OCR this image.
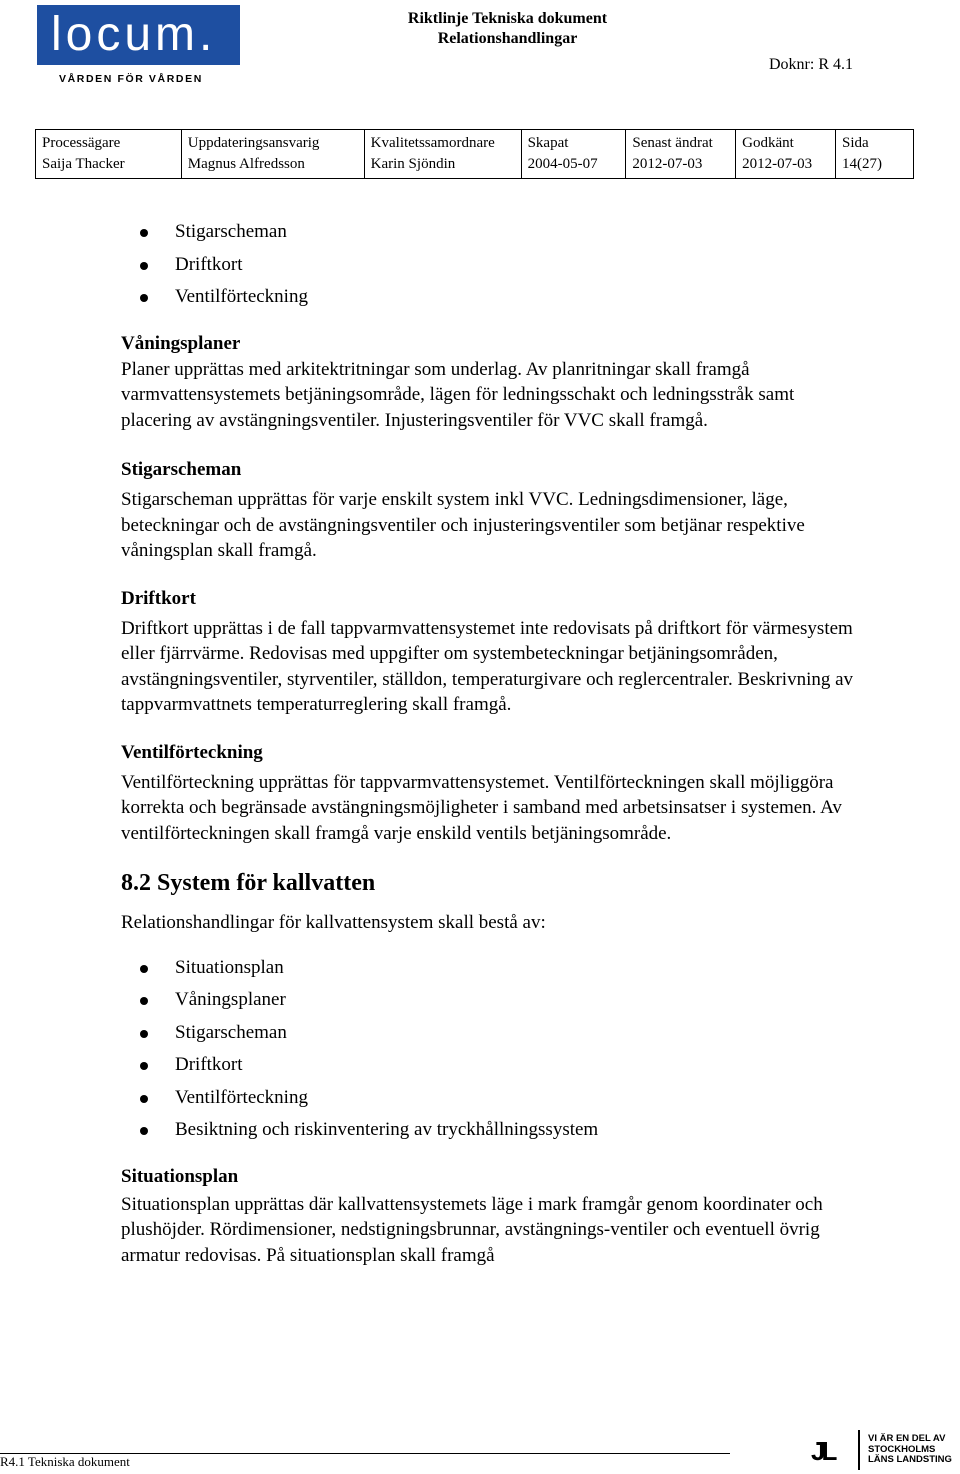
locum.
VÅRDEN FÖR VÅRDEN
Riktlinje Tekniska dokument
Relationshandlingar
Doknr: R 4.1
Processägare
Saija Thacker

Uppdateringsansvarig
Magnus Alfredsson

Kvalitetssamordnare
Karin Sjöndin

Skapat
2004-05-07

Senast ändrat
2012-07-03

Godkänt
2012-07-03

Sida
14(27)
Stigarscheman
Driftkort
Ventilförteckning
Våningsplaner

Planer upprättas med arkitektritningar som underlag. Av planritningar skall framgå varmvattensystemets betjäningsområde, lägen för ledningsschakt och ledningsstråk samt placering av avstängningsventiler. Injusteringsventiler för VVC skall framgå.

Stigarscheman

Stigarscheman upprättas för varje enskilt system inkl VVC. Ledningsdimensioner, läge, beteckningar och de avstängningsventiler och injusteringsventiler som betjänar respektive våningsplan skall framgå.

Driftkort

Driftkort upprättas i de fall tappvarmvattensystemet inte redovisats på driftkort för värmesystem eller fjärrvärme. Redovisas med uppgifter om systembeteckningar betjäningsområden, avstängningsventiler, styrventiler, ställdon, temperaturgivare och reglercentraler. Beskrivning av tappvarmvattnets temperaturreglering skall framgå.

Ventilförteckning

Ventilförteckning upprättas för tappvarmvattensystemet. Ventilförteckningen skall möjliggöra korrekta och begränsade avstängningsmöjligheter i samband med arbetsinsatser i systemen. Av ventilförteckningen skall framgå varje enskild ventils betjäningsområde.

8.2 System för kallvatten

Relationshandlingar för kallvattensystem skall bestå av:

Situationsplan
Våningsplaner
Stigarscheman
Driftkort
Ventilförteckning
Besiktning och riskinventering av tryckhållningssystem
Situationsplan

Situationsplan upprättas där kallvattensystemets läge i mark framgår genom koordinater och plushöjder. Rördimensioner, nedstigningsbrunnar, avstängnings-ventiler och eventuell övrig armatur redovisas. På situationsplan skall framgå

R4.1 Tekniska dokument	JL	VI ÄR EN DEL AV
STOCKHOLMS
LÄNS LANDSTING
